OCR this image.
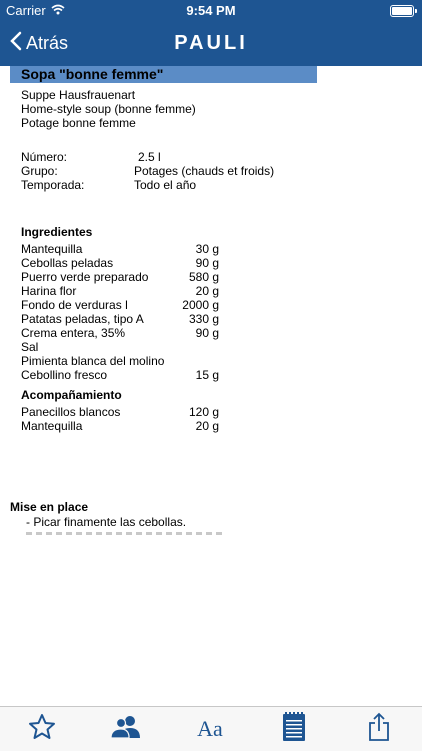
Carrier	9:54 PM
Atrás	PAULI
Sopa "bonne femme"
Suppe Hausfrauenart
Home-style soup (bonne femme)
Potage bonne femme
Número:	2.5 l
Grupo:	Potages (chauds et froids)
Temporada:	Todo el año
Ingredientes
Mantequilla	30 g
Cebollas peladas	90 g
Puerro verde preparado	580 g
Harina flor	20 g
Fondo de verduras l	2000 g
Patatas peladas, tipo A	330 g
Crema entera, 35%	90 g
Sal
Pimienta blanca del molino
Cebollino fresco	15 g
Acompañamiento
Panecillos blancos	120 g
Mantequilla	20 g
Mise en place
- Picar finamente las cebollas.
Aa
